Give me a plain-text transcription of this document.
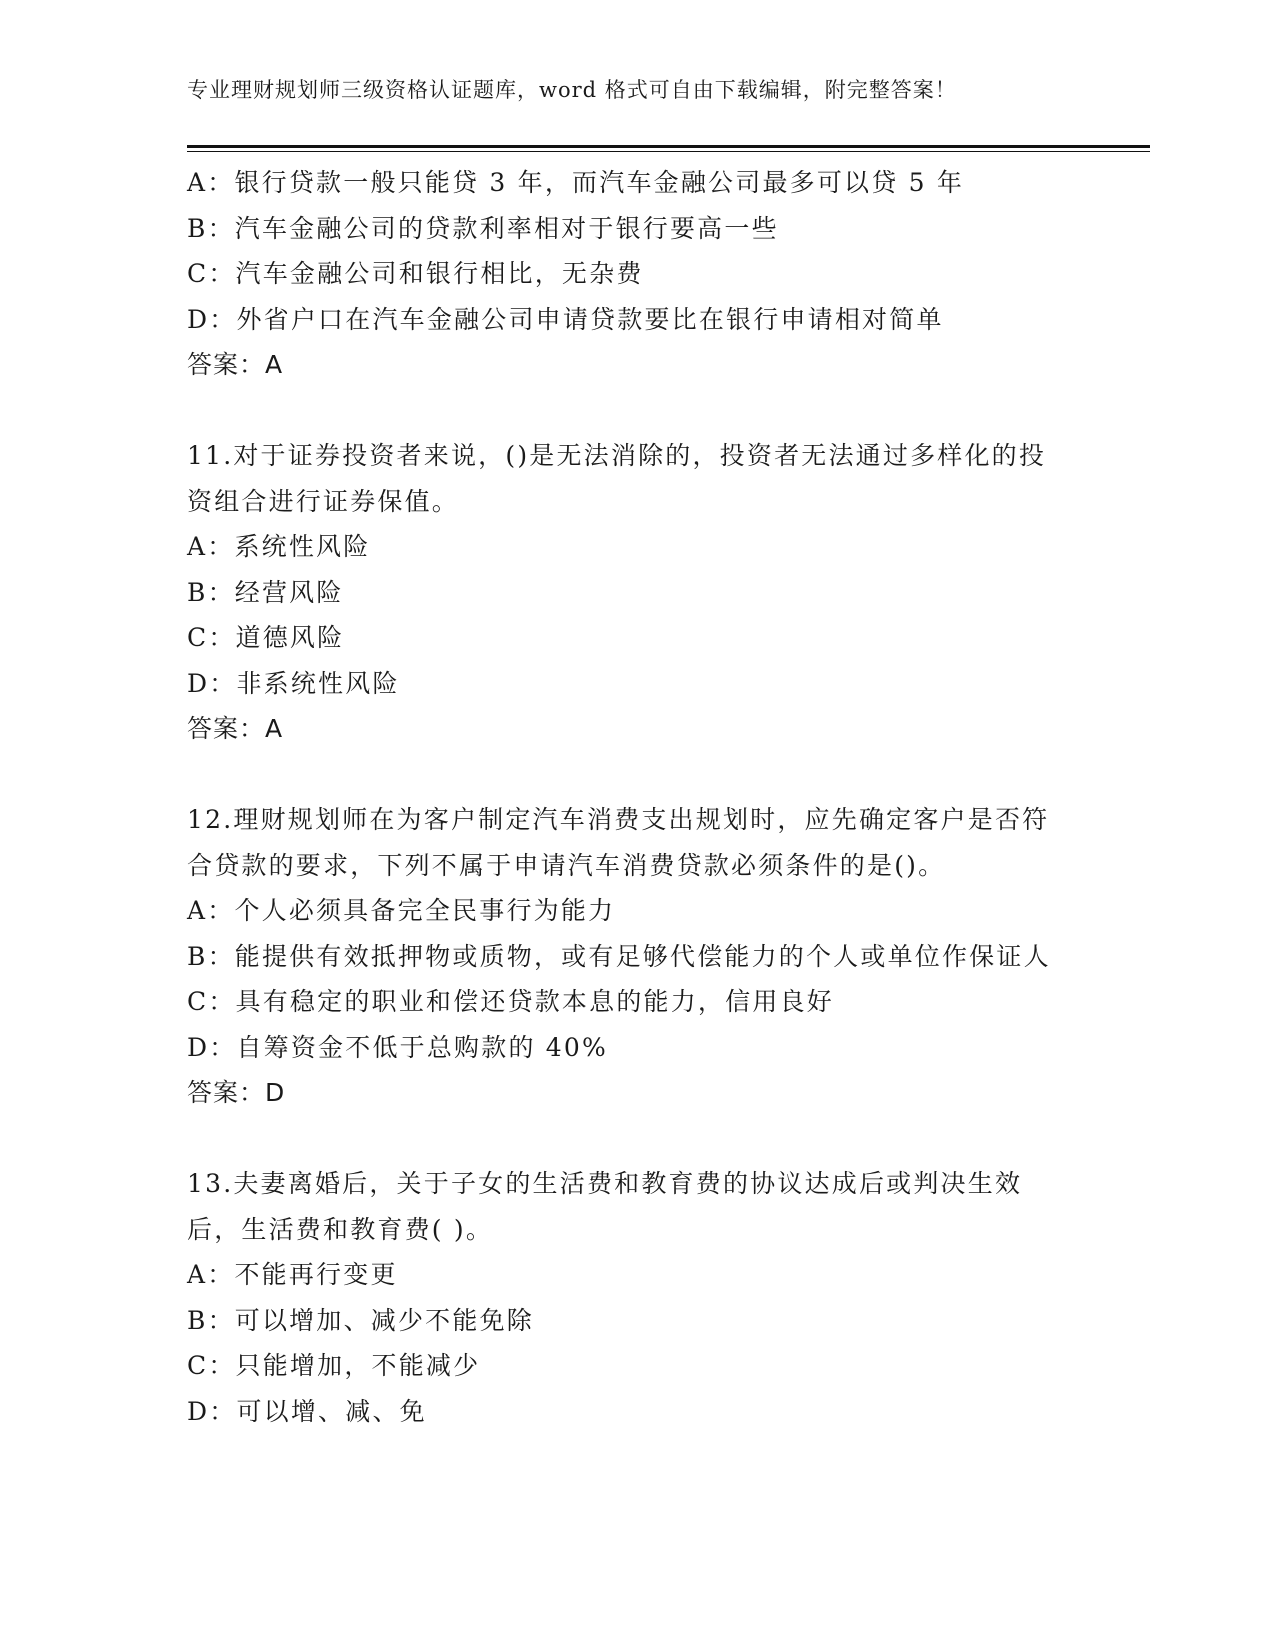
专业理财规划师三级资格认证题库，word 格式可自由下载编辑，附完整答案！
A：银行贷款一般只能贷 3 年，而汽车金融公司最多可以贷 5 年
B：汽车金融公司的贷款利率相对于银行要高一些
C：汽车金融公司和银行相比，无杂费
D：外省户口在汽车金融公司申请贷款要比在银行申请相对简单
答案：A
11.对于证券投资者来说，()是无法消除的，投资者无法通过多样化的投资组合进行证券保值。
A：系统性风险
B：经营风险
C：道德风险
D：非系统性风险
答案：A
12.理财规划师在为客户制定汽车消费支出规划时，应先确定客户是否符合贷款的要求，下列不属于申请汽车消费贷款必须条件的是()。
A：个人必须具备完全民事行为能力
B：能提供有效抵押物或质物，或有足够代偿能力的个人或单位作保证人
C：具有稳定的职业和偿还贷款本息的能力，信用良好
D：自筹资金不低于总购款的 40%
答案：D
13.夫妻离婚后，关于子女的生活费和教育费的协议达成后或判决生效后，生活费和教育费( )。
A：不能再行变更
B：可以增加、减少不能免除
C：只能增加，不能减少
D：可以增、减、免
